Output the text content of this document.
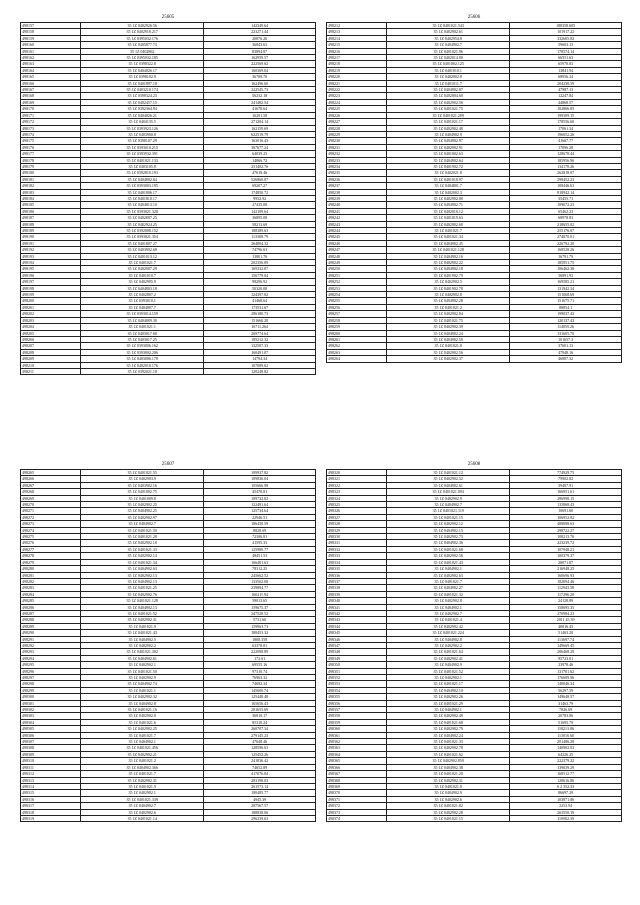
25605
498157	35 1Z 0402926.56	142349.64
498158	35 1Z 0402918.217	223271.44
498159	35 1Z 0395032.176	20876.20
498160	35 1Z 0405877.73	36843.63
498161	35 1Z 0402862	83894.87
498162	35 1Z 0395032.185	162959.57
498163	35 1Z 0398322.8	222569.62
498164	35 1Z 0404026.17	160369.04
498165	35 1Z 0398102.9	36708.70
498166	35 1Z 0401897.18	162496.60
498167	35 1Z 0403210.174	222545.73
498168	35 1Z 0398324.23	56232.18
498169	35 1Z 0402457.15	241482.54
498170	35 1Z 0392364.94	41678.64
498171	35 1Z 0404026.21	16201.58
498172	35 1Z 0404135.5	271204.14
498173	35 1Z 0393923.126	162159.69
498174	35 1Z 0403960.8	622519.79
498175	35 1Z 0398107.29	163016.43
498176	35 1Z 0393010.215	367677.24
498177	35 1Z 0393932.391	64039.25
498178	35 1Z 0401021.133	14866.72
498179	35 1Z 0403105.8	251402.76
498180	35 1Z 0392810.193	47618.46
498181	35 1Z 0404802.64	526860.87
498182	35 1Z 0393003.195	69207.27
498183	35 1Z 0401806.17	174850.72
498184	35 1Z 0401810.17	9952.92
498185	35 1Z 0404813.10	27435.08
498186	35 1Z 0393021.328	142109.64
498187	35 1Z 0402807.25	36895.08
498188	35 1Z 0402924.25	58213.69
498189	35 1Z 0392008.152	188389.63
498190	35 1Z 0393021.354	113308.79
498191	35 1Z 0401807.27	264084.32
498192	35 1Z 0403902.68	74796.63
498193	35 1Z 0401013.12	13801.76
498194	35 1Z 0401021.7	202356.09
498195	35 1Z 0402907.29	169332.87
498196	35 1Z 0401010.7	156779.04
498197	35 1Z 0402905.9	98296.92
498198	35 1Z 0404803.18	50320.08
498199	35 1Z 0402807.2	124397.82
498200	35 1Z 0393010.1	41468.64
498201	35 1Z 0404807.7	173531.67
498202	35 1Z 0393014.159	286180.73
498203	35 1Z 0404809.30	151666.28
498204	35 1Z 0401021.1	16711.264
498205	35 1Z 0403017.68	269774.64
498206	35 1Z 0403017.25	185212.32
498207	35 1Z 0393006.162	132507.33
498208	35 1Z 0393002.206	160491.07
498209	35 1Z 0403006.178	14794.34
498210	35 1Z 0402910.176	107089.62
498211	35 1Z 0392021.18	120248.82
25606
498212	35 1Z 0401021.543	188358.605
498213	35 1Z 0402902.61	101917.22
498214	35 1Z 0402954.8	332605.82
498215	35 1Z 0404902.7	59603.13
498216	35 1Z 0401021.96	178574.14
498217	35 1Z 0402014.00	66551.63
498218	35 1Z 0401002.125	65970.83
498219	35 1Z 0401010.1	13841.94
498220	35 1Z 0402002.8	68956.24
498221	35 1Z 0401011.7	204238.59
498222	35 1Z 0404902.87	47987.13
498223	35 1Z 0402004.60	12247.84
498224	35 1Z 0402902.56	44868.57
498225	35 1Z 0401021.75	102866.85
498226	35 1Z 0401021.209	199309.15
498227	35 1Z 0401021.17	178556.60
498228	35 1Z 0402902.48	17061.34
498229	35 1Z 0404902.9	196052.26
498230	35 1Z 0404902.97	41667.77
498231	35 1Z 0402902.91	17096.28
498232	35 1Z 0401002.63	128678.44
498233	35 1Z 0404902.64	185956.96
498234	35 1Z 0401902.72	134178.26
498235	35 1Z 0402021.8	262818.07
498236	35 1Z 0401018.97	298452.23
498237	35 1Z 0404801.7	108446.63
498238	35 1Z 0402002.3	818942.14
498239	35 1Z 0402902.88	35455.71
498240	35 1Z 0404902.71	109072.23
498241	35 1Z 0402016.12	65462.23
498242	35 1Z 0401019.63	68978.83
498243	35 1Z 0402902.60	218655.02
498244	35 1Z 0401021.7	255176.07
498245	35 1Z 0401021.34	274870.01
498246	35 1Z 0404902.45	226792.20
498247	35 1Z 0401021.128	168528.26
498248	35 1Z 0404902.16	16791.79
498249	35 1Z 0402902.22	185951.75
498250	35 1Z 0404902.18	106462.38
498251	35 1Z 0401902.79	56891.93
498252	35 1Z 0402902.5	169585.21
498253	35 1Z 0401902.78	131942.34
498254	35 1Z 0402902.8	151068.69
498255	35 1Z 0404902.28	151675.71
498256	35 1Z 0401021.2	88854.1
498257	35 1Z 0402902.84	199037.43
498258	35 1Z 0401021.75	120137.43
498259	35 1Z 0402902.39	114059.26
498260	35 1Z 0404902.24	131605.70
498261	35 1Z 0404902.50	101657.3
498262	35 1Z 0401021.8	37601.13
498263	35 1Z 0402902.56	47948.16
498264	35 1Z 0402902.37	46887.32
25607
498265	35 1Z 0401021.55	109937.82
498266	35 1Z 0402903.9	109836.04
498267	35 1Z 0403902.16	105666.98
498268	35 1Z 0401002.75	45478.81
498269	35 1Z 0401009.8	109732.82
498270	35 1Z 0402902.25	122491.64
498271	35 1Z 0404902.25	125734.64
498272	35 1Z 0402902.97	22946.51
498273	35 1Z 0404902.7	186430.59
498274	35 1Z 0401021.50	8828.69
498275	35 1Z 0401021.28	72306.81
498276	35 1Z 0402902.10	41595.33
498277	35 1Z 0401021.33	125980.77
498278	35 1Z 0402902.14	48451.53
498279	35 1Z 0401021.34	166481.63
498280	35 1Z 0404902.63	78312.25
498281	35 1Z 0402902.13	245662.52
498282	35 1Z 0404902.13	133502.08
498283	35 1Z 0401021.25	239894.77
498284	35 1Z 0402902.76	160211.94
498285	35 1Z 0401021.128	59013.65
498286	35 1Z 0404902.13	159675.37
498287	35 1Z 0401021.52	247528.52
498288	35 1Z 0402902.31	5731.60
498289	35 1Z 0401021.9	159963.73
498290	35 1Z 0401021.43	188453.32
498291	35 1Z 0404902.5	1808.358
498292	35 1Z 0402902.2	63378.81
498293	35 1Z 0401021.302	222098.89
498294	35 1Z 0404902.61	172.61
498295	35 1Z 0402902.1	69555.16
498296	35 1Z 0401021.50	97310.74
498297	35 1Z 0402902.9	76963.32
498298	35 1Z 0404902.74	74682.34
498299	35 1Z 0401021.1	145600.74
498300	35 1Z 0402902.32	125448.48
498301	35 1Z 0404902.8	165656.43
498302	35 1Z 0401021.16	201655.69
498303	35 1Z 0402902.8	36810.17
498304	35 1Z 0401021.6	85310.24
498305	35 1Z 0402902.25	260707.34
498306	35 1Z 0401021.7	279145.23
498307	35 1Z 0404902.1	47648.46
498308	35 1Z 0401021.456	128596.63
498309	35 1Z 0402902.21	125452.26
498310	35 1Z 0401021.2	241836.42
498311	35 1Z 0404902.366	74652.89
498312	35 1Z 0401021.7	417076.84
498313	35 1Z 0402902.31	283198.03
498314	35 1Z 0401021.9	261573.14
498315	35 1Z 0402902.1	180485.77
498316	35 1Z 0401021.339	4945.39
498317	35 1Z 0404902.7	287567.57
498318	35 1Z 0402902.6	188838.06
498319	35 1Z 0401021.14	296239.63
25608
498320	35 1Z 0401021.12	774929.75
498321	35 1Z 0402902.52	79902.82
498322	35 1Z 0404902.61	39487.91
498323	35 1Z 0401021.094	166951.61
498324	35 1Z 0402902.9	286998.15
498325	35 1Z 0404902.7	135868.43
498326	35 1Z 0401021.119	10691.60
498327	35 1Z 0401021.15	106952.82
498328	35 1Z 0402902.12	408698.63
498329	35 1Z 0404902.15	298722.27
498330	35 1Z 0402902.73	108213.76
498331	35 1Z 0404902.36	223239.72
498332	35 1Z 0401021.68	107948.21
498333	35 1Z 0402902.56	100379.37
498334	35 1Z 0401021.43	28071.87
498335	35 1Z 0404902.1	216948.25
498336	35 1Z 0402902.63	160696.93
498337	35 1Z 0401021.7	182094.46
498338	35 1Z 0404902.27	112943.58
498339	35 1Z 0401021.32	117296.20
498340	35 1Z 0402902.8	24128.89
498341	35 1Z 0404902.1	158695.35
498342	35 1Z 0402902.7	270984.23
498343	35 1Z 0401021.4	2011 45.39
498344	35 1Z 0402902.42	40016.45
498345	35 1Z 0401021.224	51463.20
498346	35 1Z 0404902.8	113697.74
498347	35 1Z 0402902.2	149669.45
498348	35 1Z 0401021.64	206468.29
498349	35 1Z 0402902.41	95723.01
498350	35 1Z 0404902.9	23978.46
498351	35 1Z 0401021.52	131781.62
498352	35 1Z 0402902.1	176609.96
498353	35 1Z 0401021.17	148046.34
498354	35 1Z 0404902.10	56297.59
498355	35 1Z 0402902.26	149648.57
498356	35 1Z 0401021.29	31463.79
498357	35 1Z 0404902.1	7826.69
498358	35 1Z 0402902.49	20783.86
498359	35 1Z 0401021.68	51695.79
498360	35 1Z 0402902.79	118213.86
498361	35 1Z 0404902.24	113016.60
498362	35 1Z 0401021.33	201486.28
498363	35 1Z 0402902.78	140902.03
498364	35 1Z 0401021.62	64226.25
498365	35 1Z 0402902.859	222379.22
498366	35 1Z 0404902.38	139639.29
498367	35 1Z 0401021.20	168512.77
498368	35 1Z 0402902.31	128616.86
498369	35 1Z 0401021.8	6 2 352.33
498370	35 1Z 0404902.9	86697.29
498371	35 1Z 0402902.6	103871.86
498372	35 1Z 0401021.82	2253.94
498373	35 1Z 0402902.28	263550.19
498374	35 1Z 0401021.15	110902.39
